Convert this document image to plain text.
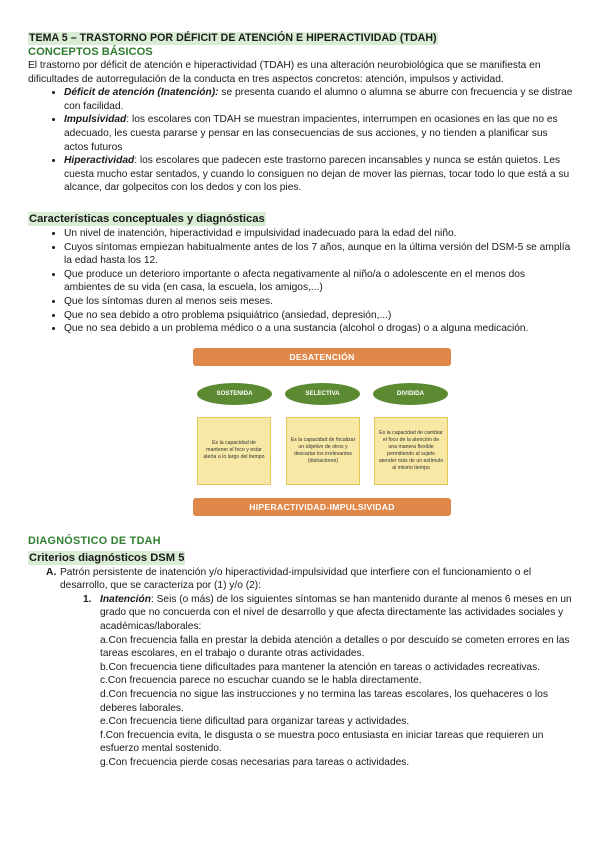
TEMA 5 – TRASTORNO POR DÉFICIT DE ATENCIÓN E HIPERACTIVIDAD (TDAH)
CONCEPTOS BÁSICOS

El trastorno por déficit de atención e hiperactividad (TDAH) es una alteración neurobiológica que se manifiesta en dificultades de autorregulación de la conducta en tres aspectos concretos: atención, impulsos y actividad.

• Déficit de atención (Inatención): se presenta cuando el alumno o alumna se aburre con frecuencia y se distrae con facilidad.
• Impulsividad: los escolares con TDAH se muestran impacientes, interrumpen en ocasiones en las que no es adecuado, les cuesta pararse y pensar en las consecuencias de sus acciones, y no tienden a planificar sus actos futuros
• Hiperactividad: los escolares que padecen este trastorno parecen incansables y nunca se están quietos. Les cuesta mucho estar sentados, y cuando lo consiguen no dejan de mover las piernas, tocar todo lo que está a su alcance, dar golpecitos con los dedos y con los pies.
Características conceptuales y diagnósticas
• Un nivel de inatención, hiperactividad e impulsividad inadecuado para la edad del niño.
• Cuyos síntomas empiezan habitualmente antes de los 7 años, aunque en la última versión del DSM-5 se amplía la edad hasta los 12.
• Que produce un deterioro importante o afecta negativamente al niño/a o adolescente en el menos dos ambientes de su vida (en casa, la escuela, los amigos,...)
• Que los síntomas duren al menos seis meses.
• Que no sea debido a otro problema psiquiátrico (ansiedad, depresión,...)
• Que no sea debido a un problema médico o a una sustancia (alcohol o drogas) o a alguna medicación.
DESATENCIÓN
SOSTENIDA	SELECTIVA	DIVIDIDA
Es la capacidad de mantener el foco y estar alerta a lo largo del tiempo
Es la capacidad de focalizar un objetivo de otros y descartar los irrelevantes (distractores)
Es la capacidad de cambiar el foco de la atención de una manera flexible permitiendo al sujeto atender más de un estímulo al mismo tiempo
HIPERACTIVIDAD-IMPULSIVIDAD
DIAGNÓSTICO DE TDAH
Criterios diagnósticos DSM 5
A. Patrón persistente de inatención y/o hiperactividad-impulsividad que interfiere con el funcionamiento o el desarrollo, que se caracteriza por (1) y/o (2):
1. Inatención: Seis (o más) de los siguientes síntomas se han mantenido durante al menos 6 meses en un grado que no concuerda con el nivel de desarrollo y que afecta directamente las actividades sociales y académicas/laborales:
a.Con frecuencia falla en prestar la debida atención a detalles o por descuido se cometen errores en las tareas escolares, en el trabajo o durante otras actividades.
b.Con frecuencia tiene dificultades para mantener la atención en tareas o actividades recreativas.
c.Con frecuencia parece no escuchar cuando se le habla directamente.
d.Con frecuencia no sigue las instrucciones y no termina las tareas escolares, los quehaceres o los deberes laborales.
e.Con frecuencia tiene dificultad para organizar tareas y actividades.
f.Con frecuencia evita, le disgusta o se muestra poco entusiasta en iniciar tareas que requieren un esfuerzo mental sostenido.
g.Con frecuencia pierde cosas necesarias para tareas o actividades.
